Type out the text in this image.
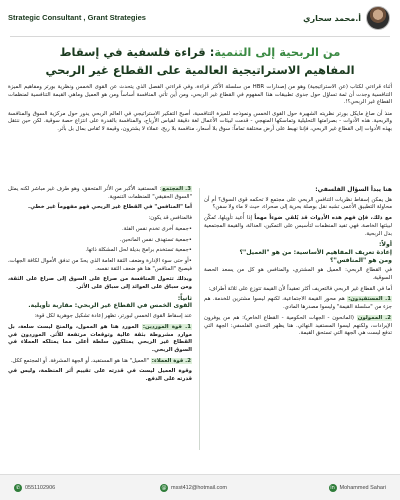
Strategic Consultant , Grant Strategies	أ.محمد سحاري
من الربحية إلى التنمية: قراءة فلسفية في إسقاط
المفاهيم الاستراتيجية العالمية على القطاع غير الربحي

أثناء قراءتي لكتاب (عن الاستراتيجية) وهو من إصدارات HBR من سلسلة الأكثر قراءة، وفي قراءتي الفصل الذي يتحدث عن القوى الخمس ونظرية بورتر ومفاهيم الميزة التنافسية وجدت أن ثمة تساؤل حول جدوى تطبيقات هذا المفهوم في القطاع غير الربحي، ومن أين تأتي المنافسة أساساً ومن هو العميل وماهي القيمة التنافسية لمنظمات القطاع غير الربحي؟!.

منذ أن صاغ مايكل بورتر نظريته الشهيرة حول القوى الخمس ونموذجه للميزة التنافسية، أصبح التفكير الاستراتيجي في العالم الربحي يدور حول مركزية السوق والمنافسة والربحية. هذه الأدوات - بصرامتها التحليلية وتماسكها المنهجي - قدمت لبيئات الأعمال لغة دقيقة لقياس الأرباح، والمنافسة بالقدرة على انتزاع حصة سوقية. لكن حين ننتقل بهذه الأدوات إلى القطاع غير الربحي، فإننا نهبط على أرض مختلفة تماماً: سوق بلا أسعار، منافسة بلا ربح، عملاء لا يشترون، وقيمة لا تُقاس بمال بل بأثر.

هنا يبدأ السؤال الفلسفي:

هل يمكن إسقاط نظريات التنافس الربحي على مجتمع لا تحكمه قوى السوق؟ أم أن محاولة التطبيق الأعمى تشبه نقل بوصلة بحرية إلى صحراء، حيث لا ماء ولا سفن؟

مع ذلك، فإن فهم هذه الأدوات قد يُلقي ضوءاً مهماً إذا أُعيد تأويلها، تُمكّن لبيئتها الخاصة. فهي تفيد المنظمات لتأسيس على التمكين، العدالة، والقيمة المجتمعية بدل الربحية.

أولاً:
إعادة تعريف المفاهيم الأساسية: من هو "العميل"؟
ومن هو "المنافس"؟

في القطاع الربحي: العميل هو المشتري، والمنافس هو كل من يسعد الحصة السوقية.

أما في القطاع غير الربحي فالتعريف أكثر تعقيداً لأن القيمة تتوزع على ثلاثة أطراف:

1. المستفيدون: هم محور القيمة الاجتماعية، لكنهم ليسوا مشترين للخدمة. هم جزء من "سلسلة القيمة" وليسوا مصدرها المادي.

2. الممولون (المانحون - الجهات الحكومية - القطاع الخاص): هم من يوفرون الإيرادات، ولكنهم ليسوا المستفيد النهائي. هنا يظهر التحدي الفلسفي: الجهة التي تدفع ليست هي الجهة التي تستحق القيمة.

3. المجتمع: المستفيد الأكبر من الأثر المتحقق، وهو طرف غير مباشر لكنه يمثل "السوق الحقيقي" للمنظمات التنموية.

أما "المنافس" في القطاع غير الربحي فهو مفهوماً غير خطي.

فالمنافس قد يكون:

•جمعية أخرى تخدم نفس الفئة.

•جمعية تستهدف نفس المانحين.

•جمعية تستخدم برامج بديلة لحل المشكلة ذاتها.

•أو حتى سوء الإدارة وضعف الثقة العامة الذي يحدّ من تدفق الأموال لكافة الجهات، فيصبح "المنافس" هنا هو ضعف الثقة نفسه.

وبذلك تتحول المنافسة من صراع على السوق إلى صراع على الثقة، ومن سباق على العوائد إلى سباق على الأثر.

ثانياً:
القوى الخمس في القطاع غير الربحي: مقاربة تأويلية.

عند إسقاط القوى الخمس لبورتر، تظهر إعادة تشكيل جوهرية لكل قوة:

1. قوة الموردين: المورد هنا هو الممول، والمنح ليست سلعة، بل موارد مشروطة بثقة عالية وتوقعات مرتفعة للأثر. الموردون في القطاع غير الربحي يمتلكون سلطة أعلى مما يمتلكه العملاء في السوق الربحي.

2. قوة العملاء: "العميل" هنا هو المستفيد، أو الجهة المشرفة. أو المجتمع ككل.

وقوة العميل ليست في قدرته على تقييم أثر المنظمة، وليس في قدرته على الدفع.

✆ 0551102906	@ msst412@hotmail.com	in Mohammed Sahari
